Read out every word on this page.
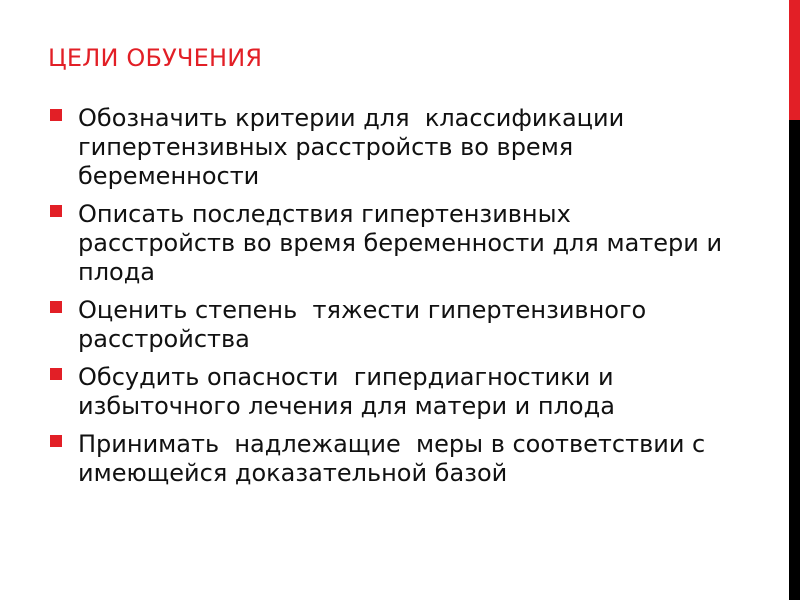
ЦЕЛИ ОБУЧЕНИЯ
Обозначить критерии для  классификации
гипертензивных расстройств во время
беременности
Описать последствия гипертензивных
расстройств во время беременности для матери и
плода
Оценить степень  тяжести гипертензивного
расстройства
Обсудить опасности  гипердиагностики и
избыточного лечения для матери и плода
Принимать  надлежащие  меры в соответствии с
имеющейся доказательной базой
